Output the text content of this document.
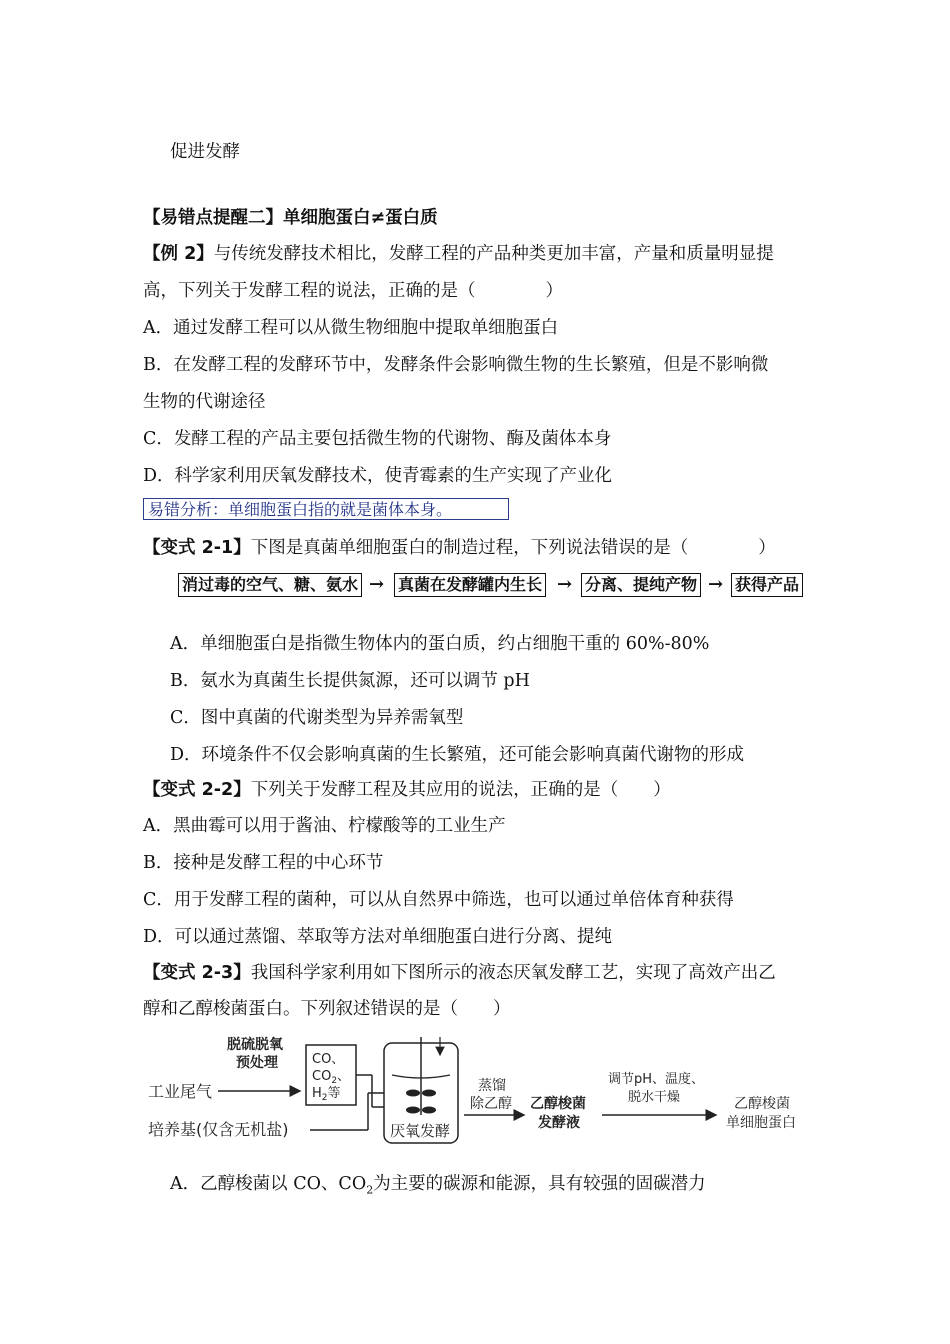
促进发酵
【易错点提醒二】单细胞蛋白≠蛋白质
【例 2】与传统发酵技术相比，发酵工程的产品种类更加丰富，产量和质量明显提
高，下列关于发酵工程的说法，正确的是（　　　　）
A．通过发酵工程可以从微生物细胞中提取单细胞蛋白
B．在发酵工程的发酵环节中，发酵条件会影响微生物的生长繁殖，但是不影响微
生物的代谢途径
C．发酵工程的产品主要包括微生物的代谢物、酶及菌体本身
D．科学家利用厌氧发酵技术，使青霉素的生产实现了产业化
易错分析：单细胞蛋白指的就是菌体本身。
【变式 2-1】下图是真菌单细胞蛋白的制造过程，下列说法错误的是（　　　　）
消过毒的空气、糖、氨水 → 真菌在发酵罐内生长 → 分离、提纯产物 → 获得产品
A．单细胞蛋白是指微生物体内的蛋白质，约占细胞干重的 60%-80%
B．氨水为真菌生长提供氮源，还可以调节 pH
C．图中真菌的代谢类型为异养需氧型
D．环境条件不仅会影响真菌的生长繁殖，还可能会影响真菌代谢物的形成
【变式 2-2】下列关于发酵工程及其应用的说法，正确的是（　　）
A．黑曲霉可以用于酱油、柠檬酸等的工业生产
B．接种是发酵工程的中心环节
C．用于发酵工程的菌种，可以从自然界中筛选，也可以通过单倍体育种获得
D．可以通过蒸馏、萃取等方法对单细胞蛋白进行分离、提纯
【变式 2-3】我国科学家利用如下图所示的液态厌氧发酵工艺，实现了高效产出乙
醇和乙醇梭菌蛋白。下列叙述错误的是（　　）
工业尾气
脱硫脱氧
预处理	CO、
$CO_2$、
$H_2$等
培养基(仅含无机盐)	厌氧发酵
蒸馏
除乙醇 乙醇梭菌
发酵液
调节pH、温度、
脱水干燥	乙醇梭菌
单细胞蛋白
A．乙醇梭菌以 CO、$CO_2$为主要的碳源和能源，具有较强的固碳潜力
